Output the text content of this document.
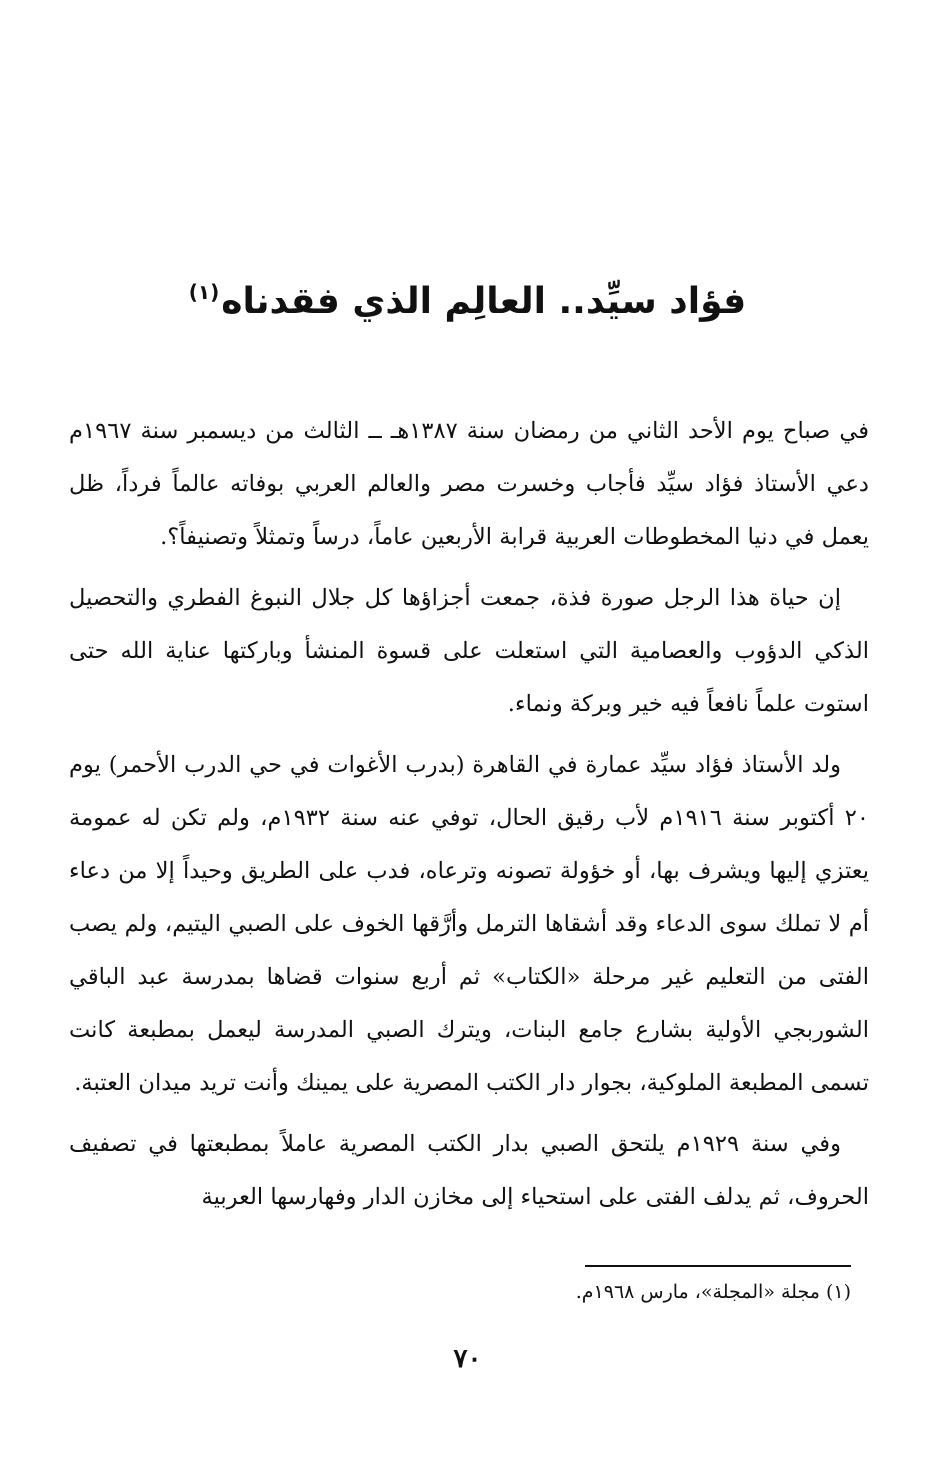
فؤاد سيِّد.. العالِم الذي فقدناه$^{(١)}$

في صباح يوم الأحد الثاني من رمضان سنة ١٣٨٧هـ ــ الثالث من ديسمبر سنة ١٩٦٧م دعي الأستاذ فؤاد سيِّد فأجاب وخسرت مصر والعالم العربي بوفاته عالماً فرداً، ظل يعمل في دنيا المخطوطات العربية قرابة الأربعين عاماً، درساً وتمثلاً وتصنيفاً؟.

إن حياة هذا الرجل صورة فذة، جمعت أجزاؤها كل جلال النبوغ الفطري والتحصيل الذكي الدؤوب والعصامية التي استعلت على قسوة المنشأ وباركتها عناية الله حتى استوت علماً نافعاً فيه خير وبركة ونماء.

ولد الأستاذ فؤاد سيِّد عمارة في القاهرة (بدرب الأغوات في حي الدرب الأحمر) يوم ٢٠ أكتوبر سنة ١٩١٦م لأب رقيق الحال، توفي عنه سنة ١٩٣٢م، ولم تكن له عمومة يعتزي إليها ويشرف بها، أو خؤولة تصونه وترعاه، فدب على الطريق وحيداً إلا من دعاء أم لا تملك سوى الدعاء وقد أشقاها الترمل وأرَّقها الخوف على الصبي اليتيم، ولم يصب الفتى من التعليم غير مرحلة «الكتاب» ثم أربع سنوات قضاها بمدرسة عبد الباقي الشوربجي الأولية بشارع جامع البنات، ويترك الصبي المدرسة ليعمل بمطبعة كانت تسمى المطبعة الملوكية، بجوار دار الكتب المصرية على يمينك وأنت تريد ميدان العتبة.

وفي سنة ١٩٢٩م يلتحق الصبي بدار الكتب المصرية عاملاً بمطبعتها في تصفيف الحروف، ثم يدلف الفتى على استحياء إلى مخازن الدار وفهارسها العربية

(١) مجلة «المجلة»، مارس ١٩٦٨م.
٧٠
